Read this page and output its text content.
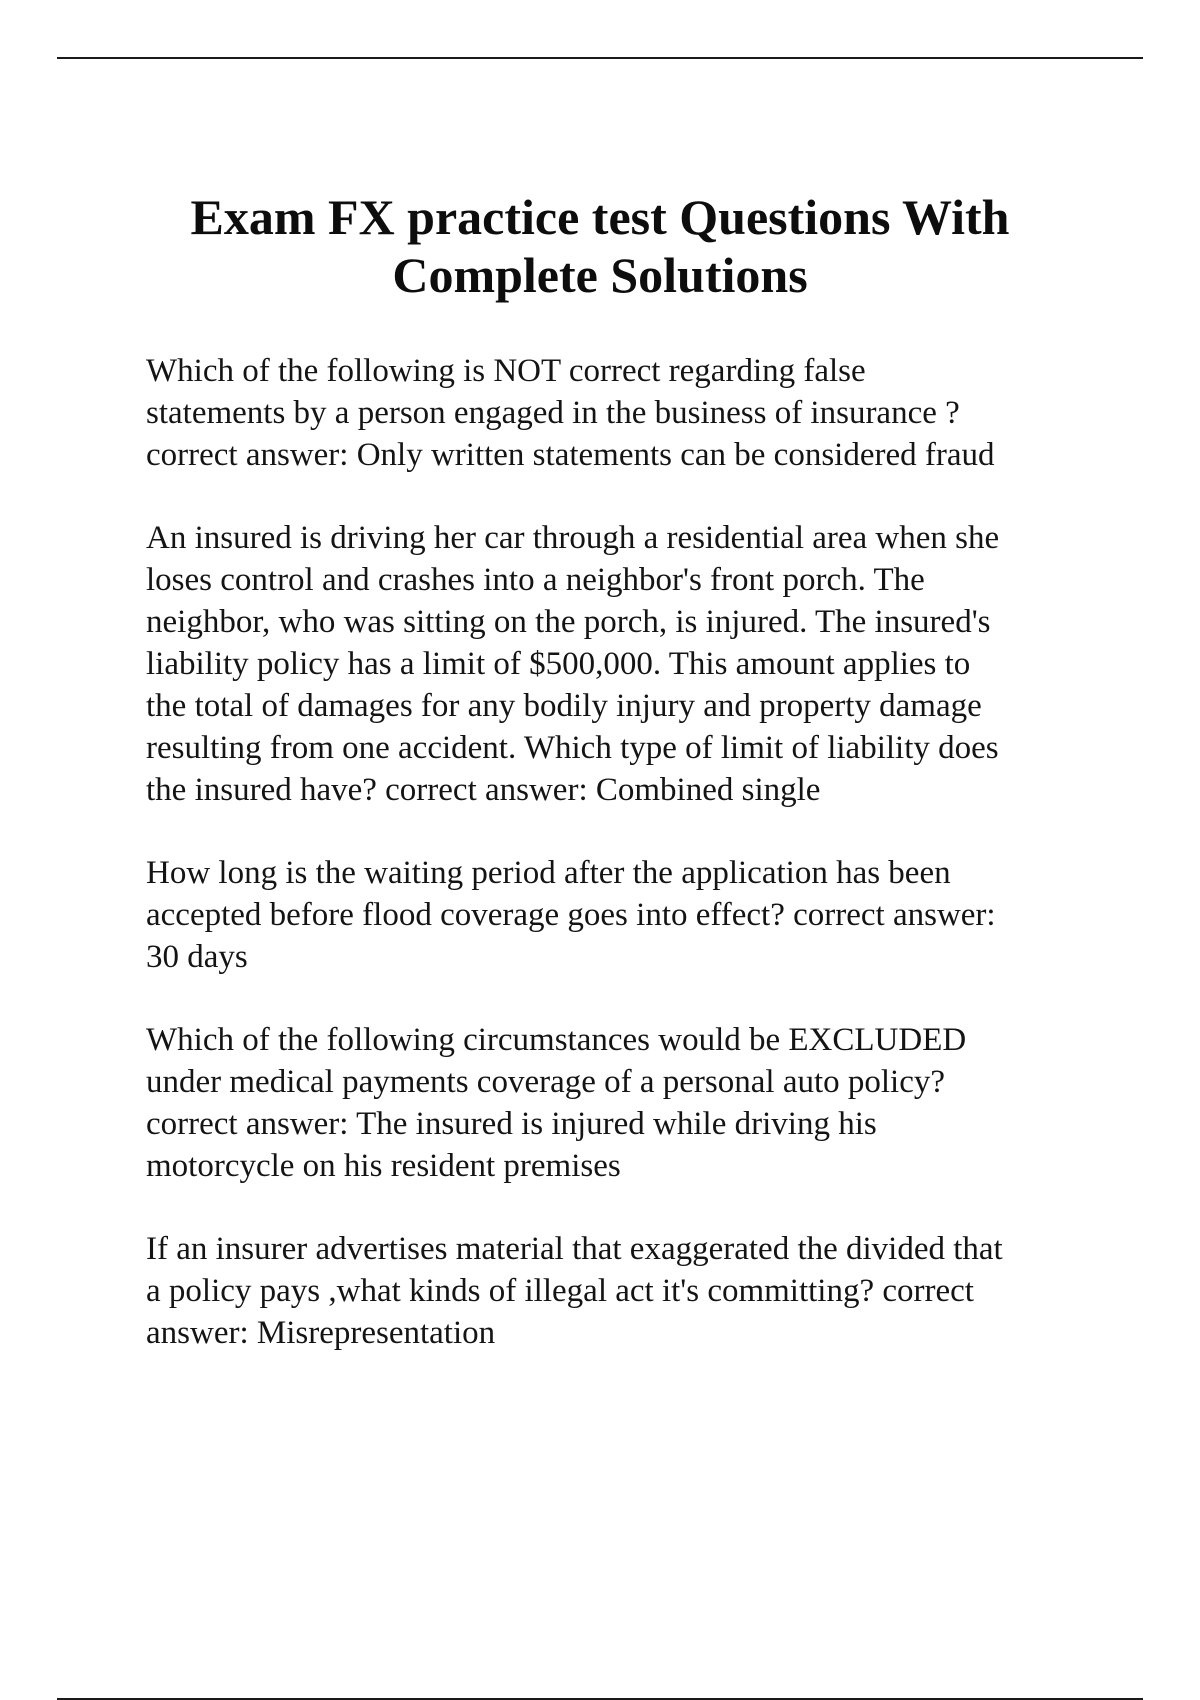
Exam FX practice test Questions With Complete Solutions

Which of the following is NOT correct regarding false
statements by a person engaged in the business of insurance ?
correct answer: Only written statements can be considered fraud

An insured is driving her car through a residential area when she
loses control and crashes into a neighbor's front porch. The
neighbor, who was sitting on the porch, is injured. The insured's
liability policy has a limit of $500,000. This amount applies to
the total of damages for any bodily injury and property damage
resulting from one accident. Which type of limit of liability does
the insured have? correct answer: Combined single

How long is the waiting period after the application has been
accepted before flood coverage goes into effect? correct answer:
30 days

Which of the following circumstances would be EXCLUDED
under medical payments coverage of a personal auto policy?
correct answer: The insured is injured while driving his
motorcycle on his resident premises

If an insurer advertises material that exaggerated the divided that
a policy pays ,what kinds of illegal act it's committing? correct
answer: Misrepresentation
